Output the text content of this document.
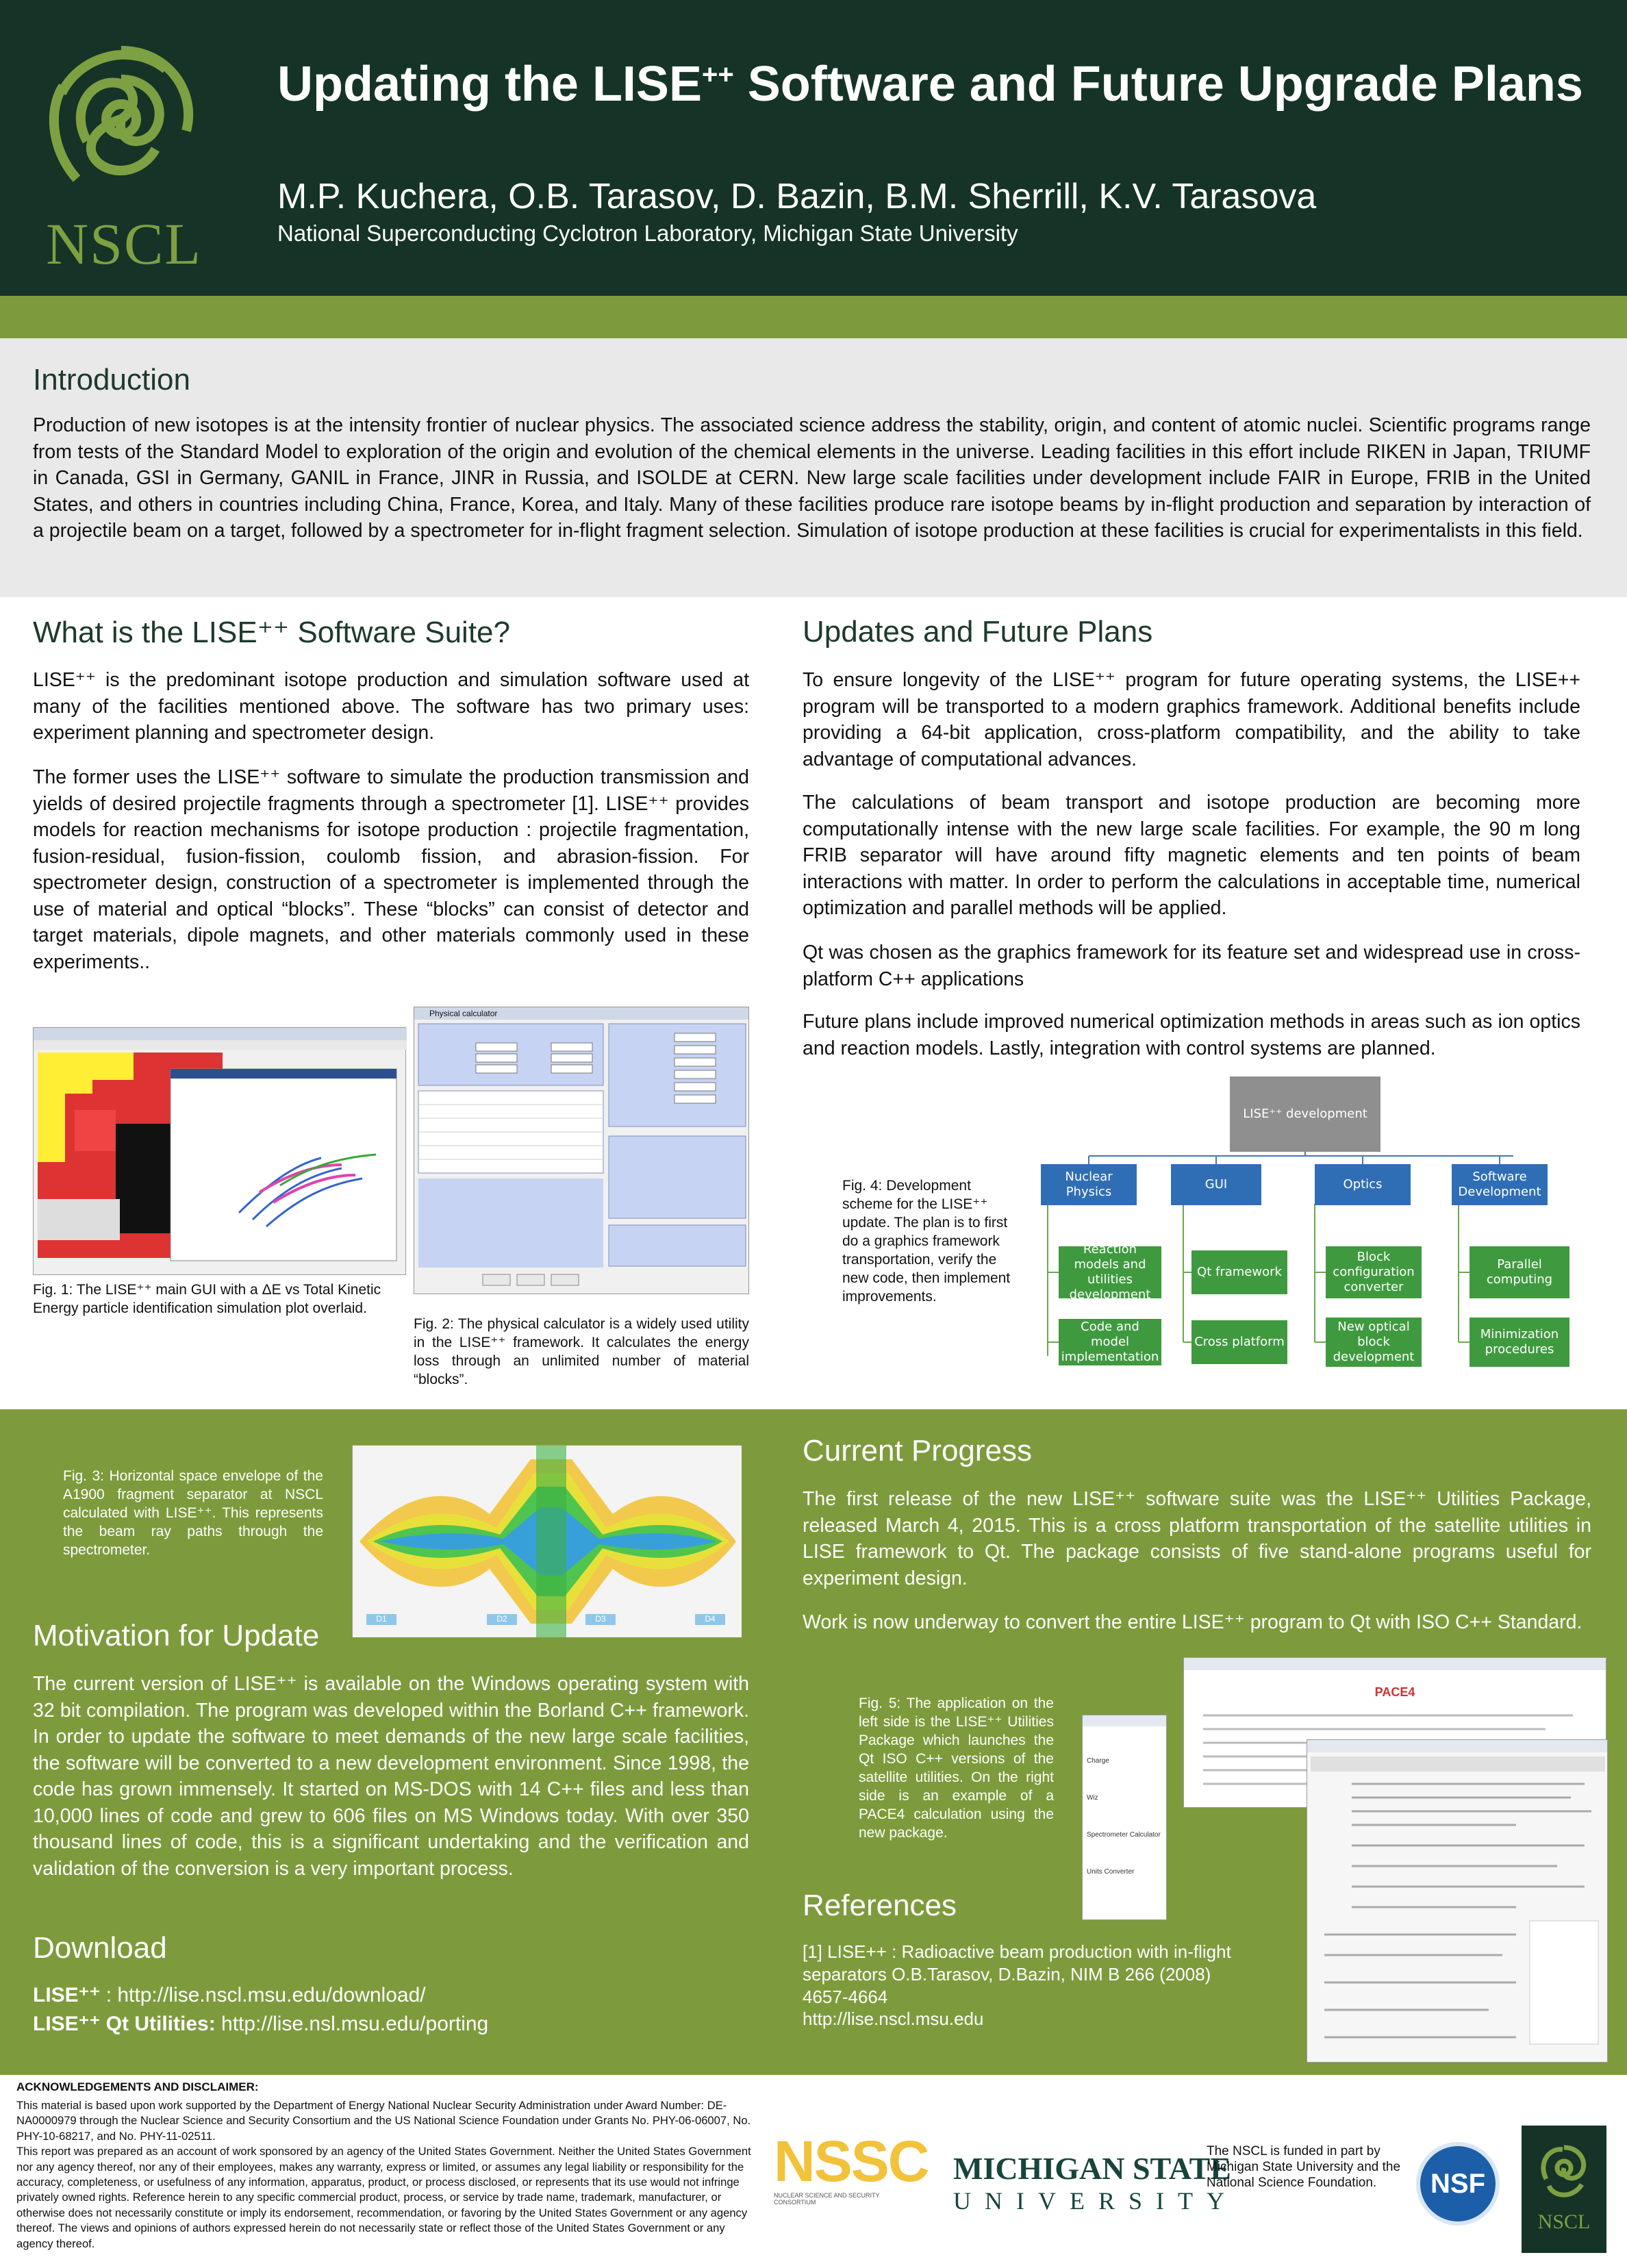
NSCL
Updating the LISE++ Software and Future Upgrade Plans
M.P. Kuchera, O.B. Tarasov, D. Bazin, B.M. Sherrill, K.V. Tarasova
National Superconducting Cyclotron Laboratory, Michigan State University
Introduction

Production of new isotopes is at the intensity frontier of nuclear physics. The associated science address the stability, origin, and content of atomic nuclei. Scientific programs range from tests of the Standard Model to exploration of the origin and evolution of the chemical elements in the universe. Leading facilities in this effort include RIKEN in Japan, TRIUMF in Canada, GSI in Germany, GANIL in France, JINR in Russia, and ISOLDE at CERN. New large scale facilities under development include FAIR in Europe, FRIB in the United States, and others in countries including China, France, Korea, and Italy. Many of these facilities produce rare isotope beams by in-flight production and separation by interaction of a projectile beam on a target, followed by a spectrometer for in-flight fragment selection. Simulation of isotope production at these facilities is crucial for experimentalists in this field.

What is the LISE⁺⁺ Software Suite?
LISE⁺⁺ is the predominant isotope production and simulation software used at many of the facilities mentioned above. The software has two primary uses: experiment planning and spectrometer design.
The former uses the LISE⁺⁺ software to simulate the production transmission and yields of desired projectile fragments through a spectrometer [1]. LISE⁺⁺ provides models for reaction mechanisms for isotope production : projectile fragmentation, fusion-residual, fusion-fission, coulomb fission, and abrasion-fission. For spectrometer design, construction of a spectrometer is implemented through the use of material and optical “blocks”. These “blocks” can consist of detector and target materials, dipole magnets, and other materials commonly used in these experiments..
Fig. 1: The LISE⁺⁺ main GUI with a ΔE vs Total Kinetic Energy particle identification simulation plot overlaid.
Physical calculator
Fig. 2: The physical calculator is a widely used utility in the LISE⁺⁺ framework. It calculates the energy loss through an unlimited number of material “blocks”.
Updates and Future Plans
To ensure longevity of the LISE⁺⁺ program for future operating systems, the LISE++ program will be transported to a modern graphics framework. Additional benefits include providing a 64-bit application, cross-platform compatibility, and the ability to take advantage of computational advances.
The calculations of beam transport and isotope production are becoming more computationally intense with the new large scale facilities. For example, the 90 m long FRIB separator will have around fifty magnetic elements and ten points of beam interactions with matter. In order to perform the calculations in acceptable time, numerical optimization and parallel methods will be applied.
Qt was chosen as the graphics framework for its feature set and widespread use in cross-platform C++ applications
Future plans include improved numerical optimization methods in areas such as ion optics and reaction models. Lastly, integration with control systems are planned.
Fig. 4: Development scheme for the LISE⁺⁺ update. The plan is to first do a graphics framework transportation, verify the new code, then implement improvements.
LISE⁺⁺ development
Nuclear Physics
GUI	Optics
Software Development
Reaction models and utilities development
Code and model implementation
Qt framework
Cross platform
Block configuration converter
New optical block development
Parallel computing
Minimization procedures
Fig. 3: Horizontal space envelope of the A1900 fragment separator at NSCL calculated with LISE⁺⁺. This represents the beam ray paths through the spectrometer.
D1	D2	D3	D4
Motivation for Update
The current version of LISE⁺⁺ is available on the Windows operating system with 32 bit compilation. The program was developed within the Borland C++ framework. In order to update the software to meet demands of the new large scale facilities, the software will be converted to a new development environment. Since 1998, the code has grown immensely. It started on MS-DOS with 14 C++ files and less than 10,000 lines of code and grew to 606 files on MS Windows today. With over 350 thousand lines of code, this is a significant undertaking and the verification and validation of the conversion is a very important process.
Download
LISE⁺⁺ : http://lise.nscl.msu.edu/download/
LISE⁺⁺ Qt Utilities: http://lise.nsl.msu.edu/porting
Current Progress
The first release of the new LISE⁺⁺ software suite was the LISE⁺⁺ Utilities Package, released March 4, 2015. This is a cross platform transportation of the satellite utilities in LISE framework to Qt. The package consists of five stand-alone programs useful for experiment design.
Work is now underway to convert the entire LISE⁺⁺ program to Qt with ISO C++ Standard.
Fig. 5: The application on the left side is the LISE⁺⁺ Utilities Package which launches the Qt ISO C++ versions of the satellite utilities. On the right side is an example of a PACE4 calculation using the new package.
Charge
Wiz
Spectrometer Calculator
Units Converter
PACE4
References
[1] LISE++ : Radioactive beam production with in-flight separators O.B.Tarasov, D.Bazin, NIM B 266 (2008) 4657-4664
http://lise.nscl.msu.edu
ACKNOWLEDGEMENTS AND DISCLAIMER:
This material is based upon work supported by the Department of Energy National Nuclear Security Administration under Award Number: DE-NA0000979 through the Nuclear Science and Security Consortium and the US National Science Foundation under Grants No. PHY-06-06007, No. PHY-10-68217, and No. PHY-11-02511.
This report was prepared as an account of work sponsored by an agency of the United States Government. Neither the United States Government nor any agency thereof, nor any of their employees, makes any warranty, express or limited, or assumes any legal liability or responsibility for the accuracy, completeness, or usefulness of any information, apparatus, product, or process disclosed, or represents that its use would not infringe privately owned rights. Reference herein to any specific commercial product, process, or service by trade name, trademark, manufacturer, or otherwise does not necessarily constitute or imply its endorsement, recommendation, or favoring by the United States Government or any agency thereof. The views and opinions of authors expressed herein do not necessarily state or reflect those of the United States Government or any agency thereof.
NSSC
NUCLEAR SCIENCE AND SECURITY CONSORTIUM
MICHIGAN STATE
UNIVERSITY
The NSCL is funded in part by Michigan State University and the National Science Foundation.	NSF
NSCL
